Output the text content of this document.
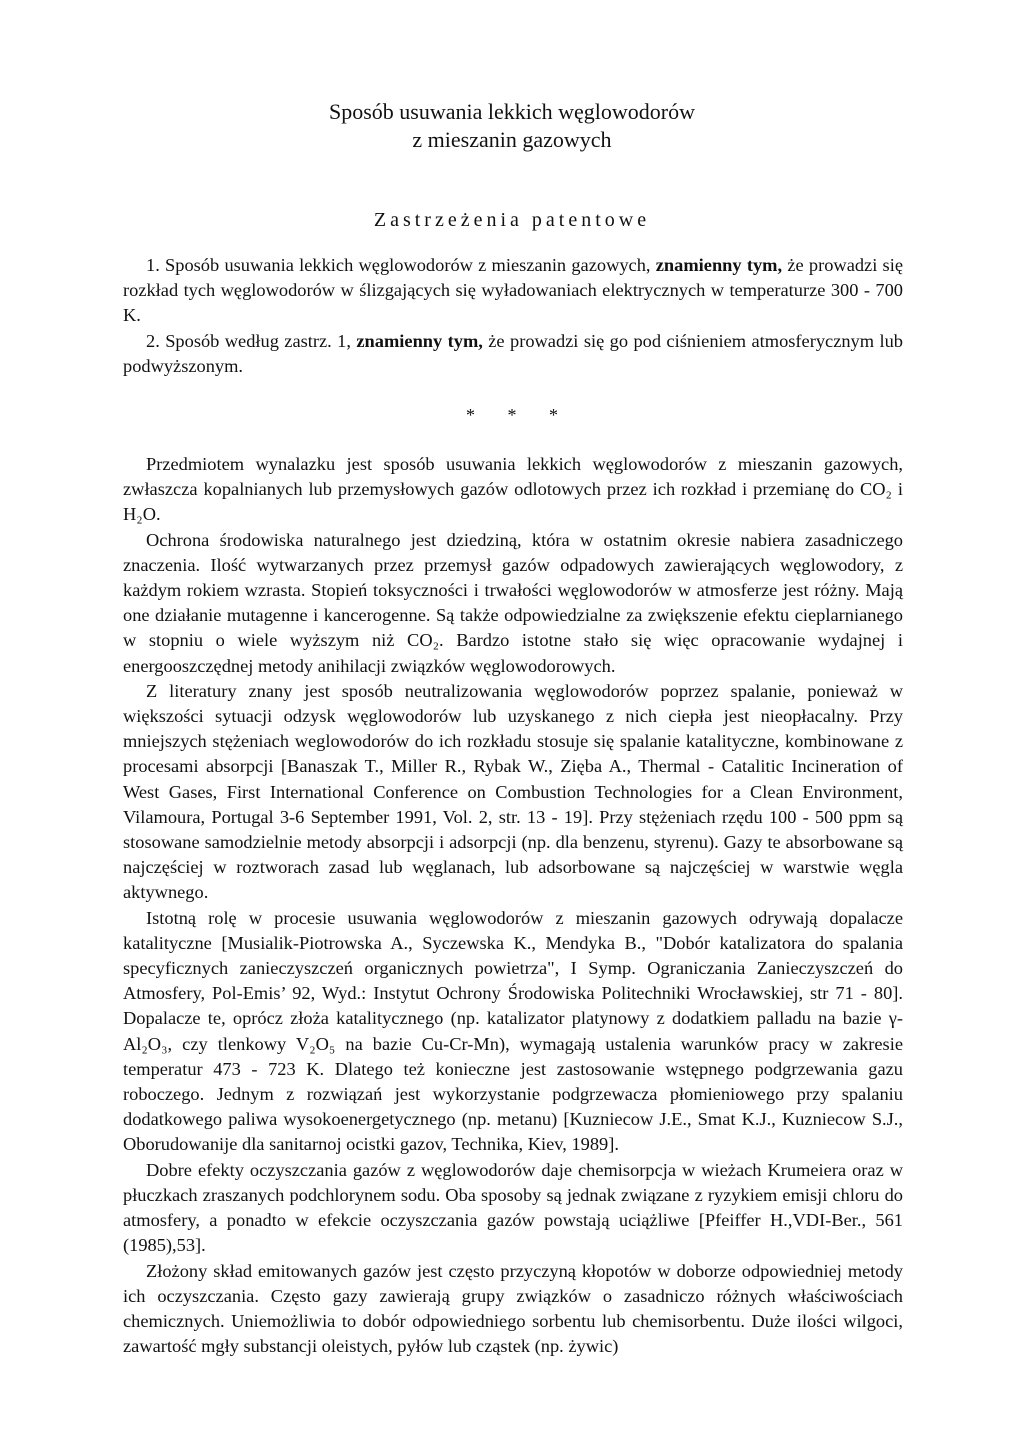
Sposób usuwania lekkich węglowodorów
z mieszanin gazowych
Zastrzeżenia patentowe

1. Sposób usuwania lekkich węglowodorów z mieszanin gazowych, znamienny tym, że prowadzi się rozkład tych węglowodorów w ślizgających się wyładowaniach elektrycznych w temperaturze 300 - 700 K.

2. Sposób według zastrz. 1, znamienny tym, że prowadzi się go pod ciśnieniem atmosferycznym lub podwyższonym.

* * *

Przedmiotem wynalazku jest sposób usuwania lekkich węglowodorów z mieszanin gazowych, zwłaszcza kopalnianych lub przemysłowych gazów odlotowych przez ich rozkład i przemianę do CO₂ i H₂O.

Ochrona środowiska naturalnego jest dziedziną, która w ostatnim okresie nabiera zasadniczego znaczenia. Ilość wytwarzanych przez przemysł gazów odpadowych zawierających węglowodory, z każdym rokiem wzrasta. Stopień toksyczności i trwałości węglowodorów w atmosferze jest różny. Mają one działanie mutagenne i kancerogenne. Są także odpowiedzialne za zwiększenie efektu cieplarnianego w stopniu o wiele wyższym niż CO₂. Bardzo istotne stało się więc opracowanie wydajnej i energooszczędnej metody anihilacji związków węglowodorowych.

Z literatury znany jest sposób neutralizowania węglowodorów poprzez spalanie, ponieważ w większości sytuacji odzysk węglowodorów lub uzyskanego z nich ciepła jest nieopłacalny. Przy mniejszych stężeniach weglowodorów do ich rozkładu stosuje się spalanie katalityczne, kombinowane z procesami absorpcji [Banaszak T., Miller R., Rybak W., Zięba A., Thermal - Catalitic Incineration of West Gases, First International Conference on Combustion Technologies for a Clean Environment, Vilamoura, Portugal 3-6 September 1991, Vol. 2, str. 13 - 19]. Przy stężeniach rzędu 100 - 500 ppm są stosowane samodzielnie metody absorpcji i adsorpcji (np. dla benzenu, styrenu). Gazy te absorbowane są najczęściej w roztworach zasad lub węglanach, lub adsorbowane są najczęściej w warstwie węgla aktywnego.

Istotną rolę w procesie usuwania węglowodorów z mieszanin gazowych odrywają dopalacze katalityczne [Musialik-Piotrowska A., Syczewska K., Mendyka B., "Dobór katalizatora do spalania specyficznych zanieczyszczeń organicznych powietrza", I Symp. Ograniczania Zanieczyszczeń do Atmosfery, Pol-Emis’ 92, Wyd.: Instytut Ochrony Środowiska Politechniki Wrocławskiej, str 71 - 80]. Dopalacze te, oprócz złoża katalitycznego (np. katalizator platynowy z dodatkiem palladu na bazie γ-Al₂O₃, czy tlenkowy V₂O₅ na bazie Cu-Cr-Mn), wymagają ustalenia warunków pracy w zakresie temperatur 473 - 723 K. Dlatego też konieczne jest zastosowanie wstępnego podgrzewania gazu roboczego. Jednym z rozwiązań jest wykorzystanie podgrzewacza płomieniowego przy spalaniu dodatkowego paliwa wysokoenergetycznego (np. metanu) [Kuzniecow J.E., Smat K.J., Kuzniecow S.J., Oborudowanije dla sanitarnoj ocistki gazov, Technika, Kiev, 1989].

Dobre efekty oczyszczania gazów z węglowodorów daje chemisorpcja w wieżach Krumeiera oraz w płuczkach zraszanych podchlorynem sodu. Oba sposoby są jednak związane z ryzykiem emisji chloru do atmosfery, a ponadto w efekcie oczyszczania gazów powstają uciążliwe [Pfeiffer H.,VDI-Ber., 561 (1985),53].

Złożony skład emitowanych gazów jest często przyczyną kłopotów w doborze odpowiedniej metody ich oczyszczania. Często gazy zawierają grupy związków o zasadniczo różnych właściwościach chemicznych. Uniemożliwia to dobór odpowiedniego sorbentu lub chemisorbentu. Duże ilości wilgoci, zawartość mgły substancji oleistych, pyłów lub cząstek (np. żywic)
